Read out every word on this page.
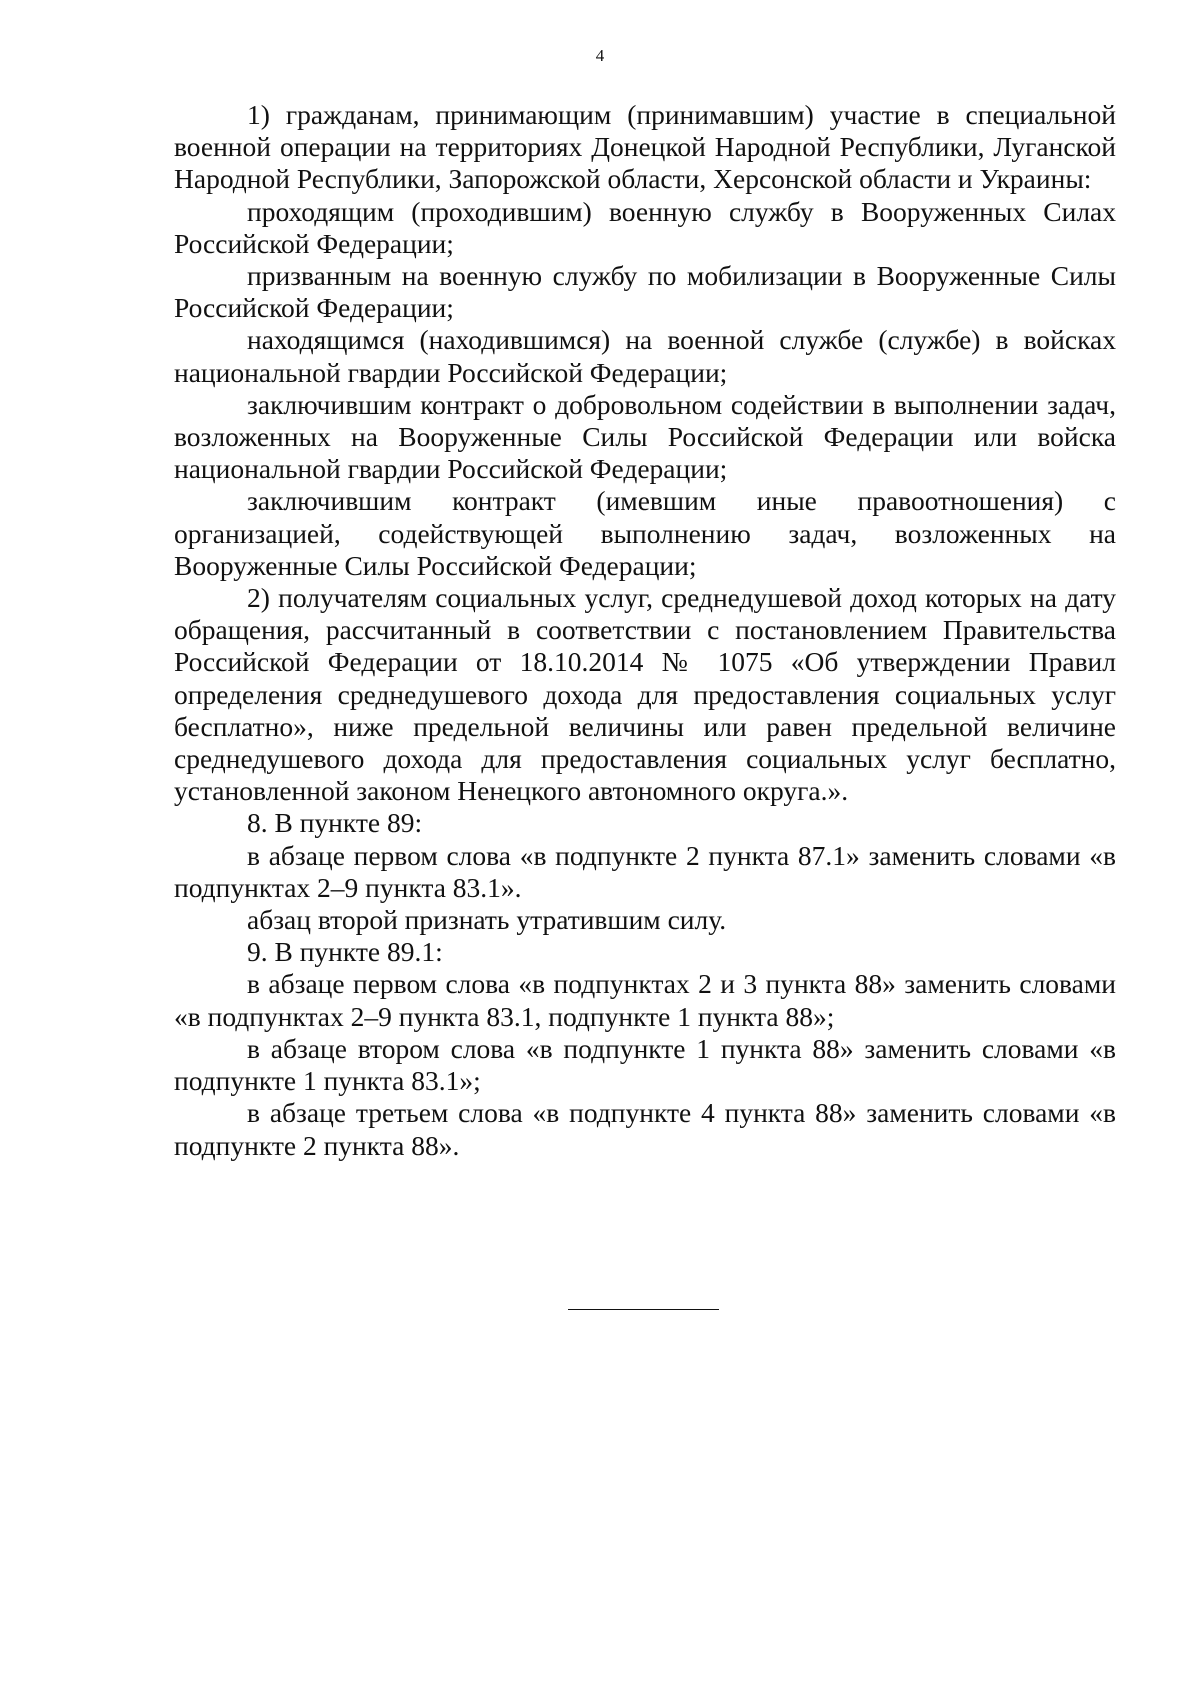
4

1) гражданам, принимающим (принимавшим) участие в специальной военной операции на территориях Донецкой Народной Республики, Луганской Народной Республики, Запорожской области, Херсонской области и Украины:

проходящим (проходившим) военную службу в Вооруженных Силах Российской Федерации;

призванным на военную службу по мобилизации в Вооруженные Силы Российской Федерации;

находящимся (находившимся) на военной службе (службе) в войсках национальной гвардии Российской Федерации;

заключившим контракт о добровольном содействии в выполнении задач, возложенных на Вооруженные Силы Российской Федерации или войска национальной гвардии Российской Федерации;

заключившим контракт (имевшим иные правоотношения) с организацией, содействующей выполнению задач, возложенных на Вооруженные Силы Российской Федерации;

2) получателям социальных услуг, среднедушевой доход которых на дату обращения, рассчитанный в соответствии с постановлением Правительства Российской Федерации от 18.10.2014 № 1075 «Об утверждении Правил определения среднедушевого дохода для предоставления социальных услуг бесплатно», ниже предельной величины или равен предельной величине среднедушевого дохода для предоставления социальных услуг бесплатно, установленной законом Ненецкого автономного округа.».

8. В пункте 89:

в абзаце первом слова «в подпункте 2 пункта 87.1» заменить словами «в подпунктах 2–9 пункта 83.1».

абзац второй признать утратившим силу.

9. В пункте 89.1:

в абзаце первом слова «в подпунктах 2 и 3 пункта 88» заменить словами «в подпунктах 2–9 пункта 83.1, подпункте 1 пункта 88»;

в абзаце втором слова «в подпункте 1 пункта 88» заменить словами «в подпункте 1 пункта 83.1»;

в абзаце третьем слова «в подпункте 4 пункта 88» заменить словами «в подпункте 2 пункта 88».
